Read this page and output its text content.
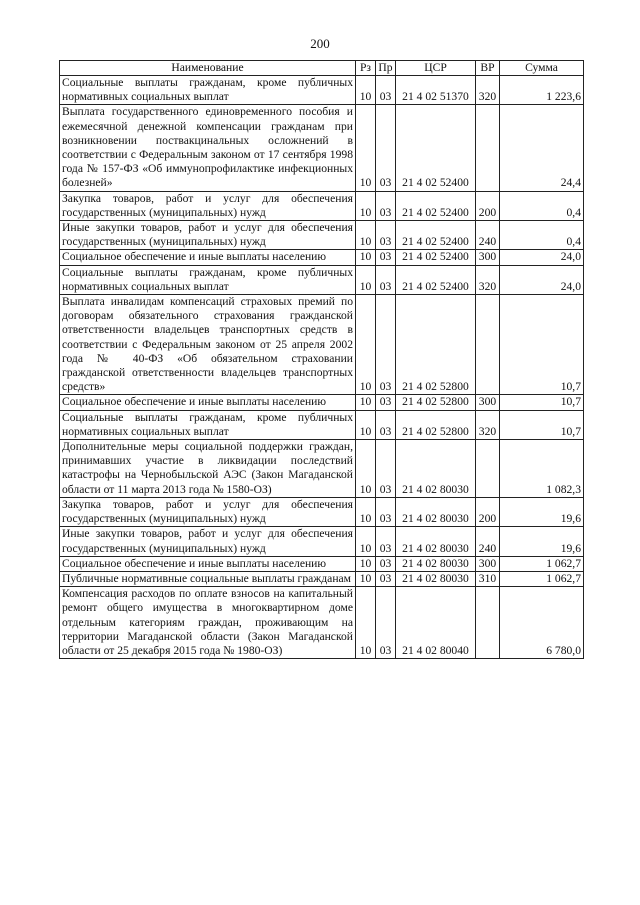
200
Наименование	Рз	Пр	ЦСР	ВР	Сумма
Социальные выплаты гражданам, кроме публичных нормативных социальных выплат	10	03	21 4 02 51370	320	1 223,6
Выплата государственного единовременного пособия и ежемесячной денежной компенсации гражданам при возникновении поствакцинальных осложнений в соответствии с Федеральным законом от 17 сентября 1998 года № 157-ФЗ «Об иммунопрофилактике инфекционных болезней»	10	03	21 4 02 52400		24,4
Закупка товаров, работ и услуг для обеспечения государственных (муниципальных) нужд	10	03	21 4 02 52400	200	0,4
Иные закупки товаров, работ и услуг для обеспечения государственных (муниципальных) нужд	10	03	21 4 02 52400	240	0,4
Социальное обеспечение и иные выплаты населению	10	03	21 4 02 52400	300	24,0
Социальные выплаты гражданам, кроме публичных нормативных социальных выплат	10	03	21 4 02 52400	320	24,0
Выплата инвалидам компенсаций страховых премий по договорам обязательного страхования гражданской ответственности владельцев транспортных средств в соответствии с Федеральным законом от 25 апреля 2002 года № 40-ФЗ «Об обязательном страховании гражданской ответственности владельцев транспортных средств»	10	03	21 4 02 52800		10,7
Социальное обеспечение и иные выплаты населению	10	03	21 4 02 52800	300	10,7
Социальные выплаты гражданам, кроме публичных нормативных социальных выплат	10	03	21 4 02 52800	320	10,7
Дополнительные меры социальной поддержки граждан, принимавших участие в ликвидации последствий катастрофы на Чернобыльской АЭС (Закон Магаданской области от 11 марта 2013 года № 1580-ОЗ)	10	03	21 4 02 80030		1 082,3
Закупка товаров, работ и услуг для обеспечения государственных (муниципальных) нужд	10	03	21 4 02 80030	200	19,6
Иные закупки товаров, работ и услуг для обеспечения государственных (муниципальных) нужд	10	03	21 4 02 80030	240	19,6
Социальное обеспечение и иные выплаты населению	10	03	21 4 02 80030	300	1 062,7
Публичные нормативные социальные выплаты гражданам	10	03	21 4 02 80030	310	1 062,7
Компенсация расходов по оплате взносов на капитальный ремонт общего имущества в многоквартирном доме отдельным категориям граждан, проживающим на территории Магаданской области (Закон Магаданской области от 25 декабря 2015 года № 1980-ОЗ)	10	03	21 4 02 80040		6 780,0
